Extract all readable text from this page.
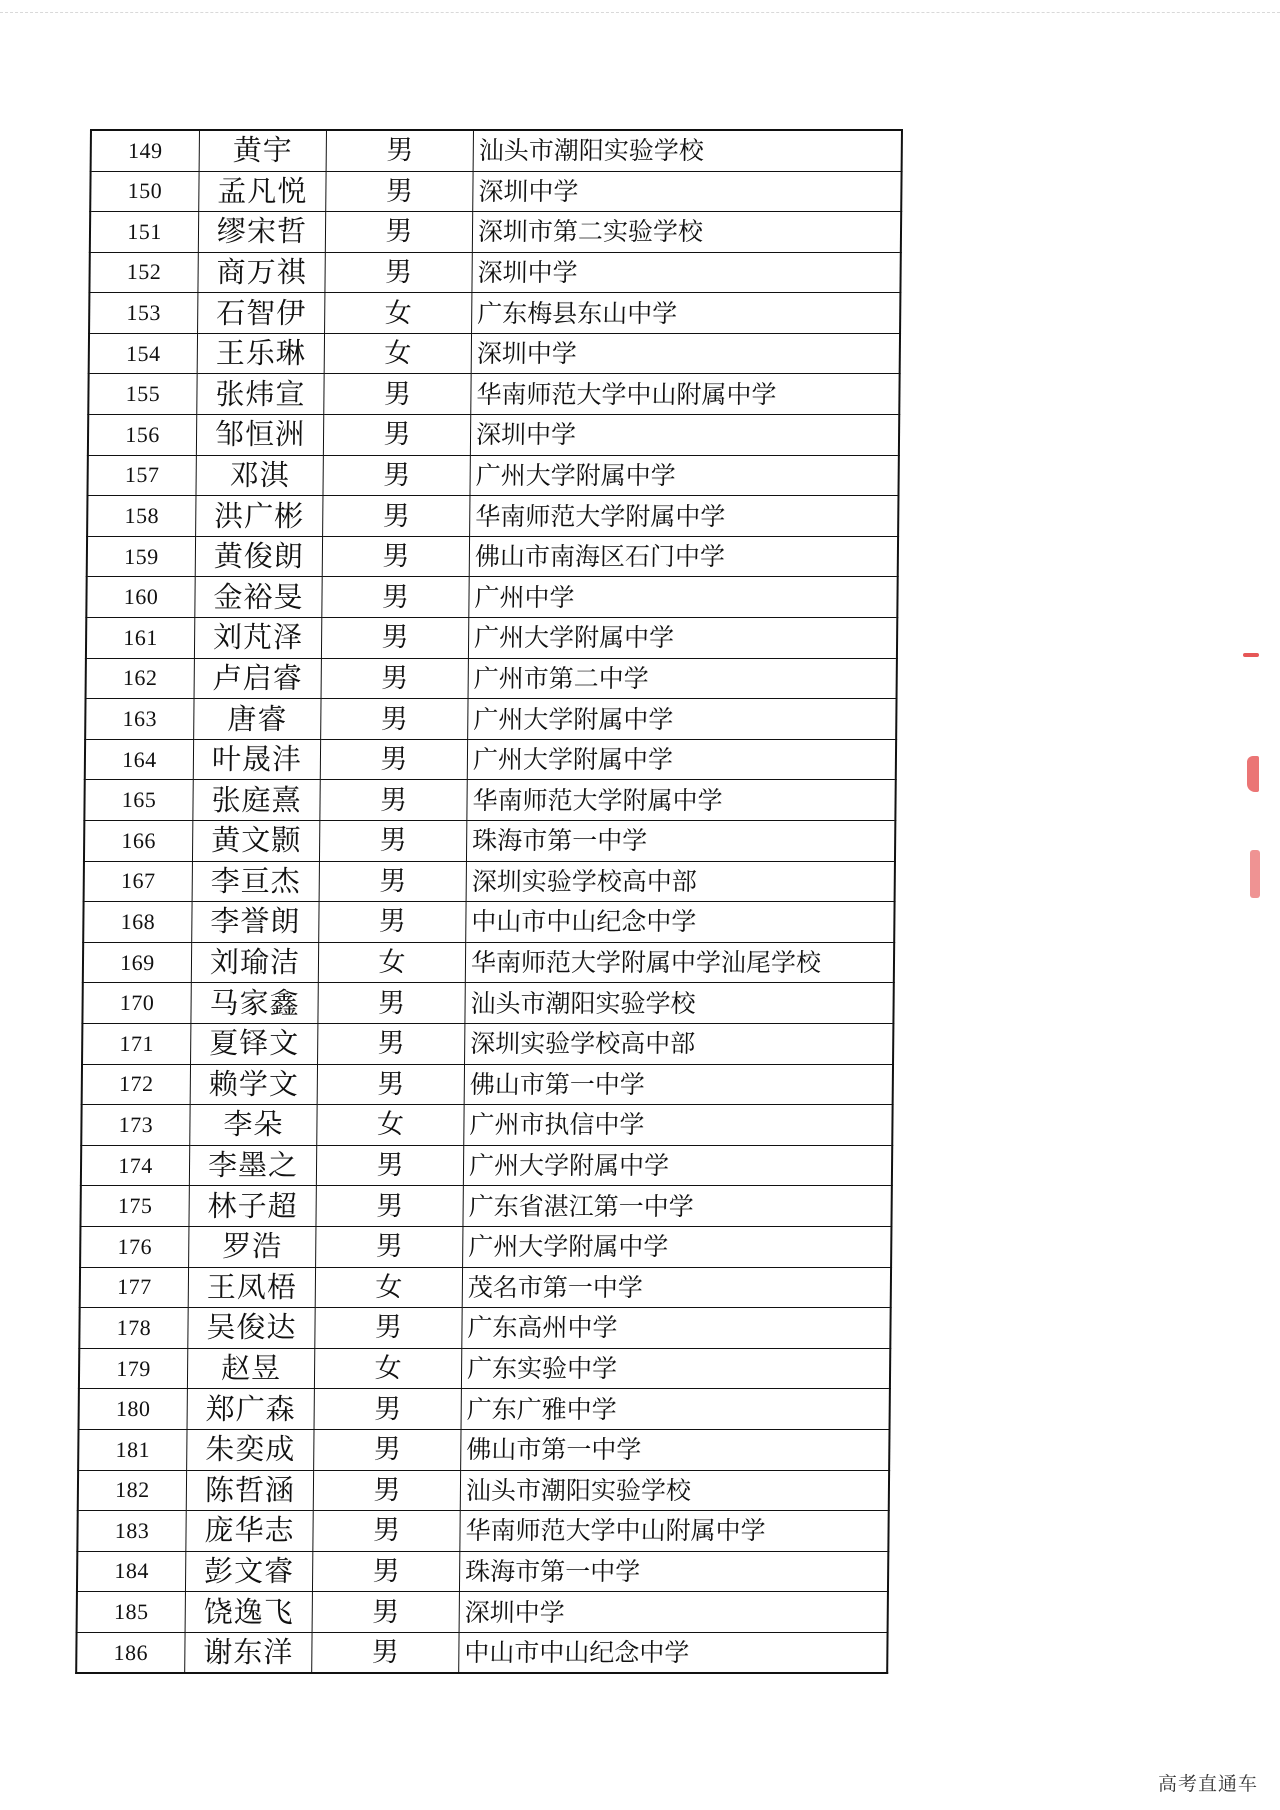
149	黄宇	男	汕头市潮阳实验学校
150	孟凡悦	男	深圳中学
151	缪宋哲	男	深圳市第二实验学校
152	商万祺	男	深圳中学
153	石智伊	女	广东梅县东山中学
154	王乐琳	女	深圳中学
155	张炜宣	男	华南师范大学中山附属中学
156	邹恒洲	男	深圳中学
157	邓淇	男	广州大学附属中学
158	洪广彬	男	华南师范大学附属中学
159	黄俊朗	男	佛山市南海区石门中学
160	金裕旻	男	广州中学
161	刘芃泽	男	广州大学附属中学
162	卢启睿	男	广州市第二中学
163	唐睿	男	广州大学附属中学
164	叶晟沣	男	广州大学附属中学
165	张庭熹	男	华南师范大学附属中学
166	黄文颢	男	珠海市第一中学
167	李亘杰	男	深圳实验学校高中部
168	李誉朗	男	中山市中山纪念中学
169	刘瑜洁	女	华南师范大学附属中学汕尾学校
170	马家鑫	男	汕头市潮阳实验学校
171	夏铎文	男	深圳实验学校高中部
172	赖学文	男	佛山市第一中学
173	李朵	女	广州市执信中学
174	李墨之	男	广州大学附属中学
175	林子超	男	广东省湛江第一中学
176	罗浩	男	广州大学附属中学
177	王凤梧	女	茂名市第一中学
178	吴俊达	男	广东高州中学
179	赵昱	女	广东实验中学
180	郑广森	男	广东广雅中学
181	朱奕成	男	佛山市第一中学
182	陈哲涵	男	汕头市潮阳实验学校
183	庞华志	男	华南师范大学中山附属中学
184	彭文睿	男	珠海市第一中学
185	饶逸飞	男	深圳中学
186	谢东洋	男	中山市中山纪念中学
高考直通车
